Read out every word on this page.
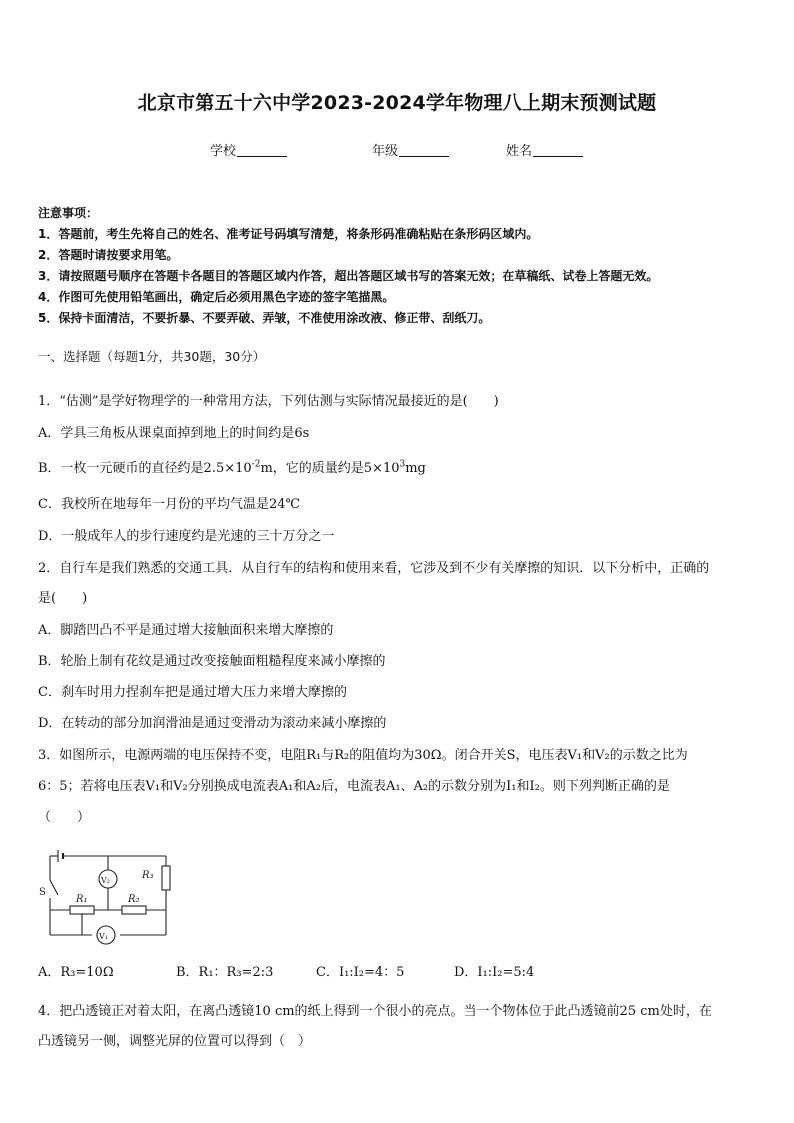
北京市第五十六中学2023-2024学年物理八上期末预测试题
学校	年级	姓名
注意事项：
1．答题前，考生先将自己的姓名、准考证号码填写清楚，将条形码准确粘贴在条形码区域内。
2．答题时请按要求用笔。
3．请按照题号顺序在答题卡各题目的答题区域内作答，超出答题区域书写的答案无效；在草稿纸、试卷上答题无效。
4．作图可先使用铅笔画出，确定后必须用黑色字迹的签字笔描黑。
5．保持卡面清洁，不要折暴、不要弄破、弄皱，不准使用涂改液、修正带、刮纸刀。
一、选择题（每题1分，共30题，30分）
1．“估测”是学好物理学的一种常用方法，下列估测与实际情况最接近的是(　　)
A．学具三角板从课桌面掉到地上的时间约是6s
B．一枚一元硬币的直径约是$2.5\times 10^{-2}m$，它的质量约是$5\times 10^3mg$
C．我校所在地每年一月份的平均气温是24℃
D．一般成年人的步行速度约是光速的三十万分之一
2．自行车是我们熟悉的交通工具．从自行车的结构和使用来看，它涉及到不少有关摩擦的知识．以下分析中，正确的
是(　　)
A．脚踏凹凸不平是通过增大接触面积来增大摩擦的
B．轮胎上制有花纹是通过改变接触面粗糙程度来减小摩擦的
C．刹车时用力捏刹车把是通过增大压力来增大摩擦的
D．在转动的部分加润滑油是通过变滑动为滚动来减小摩擦的
3．如图所示，电源两端的电压保持不变，电阻R₁与R₂的阻值均为30Ω。闭合开关S，电压表V₁和V₂的示数之比为
6：5；若将电压表V₁和V₂分别换成电流表A₁和A₂后，电流表A₁、A₂的示数分别为I₁和I₂。则下列判断正确的是
（　　）
S
R₁	R₂
R₃
V₂
V₁
A．R₃=10Ω	B．R₁：R₃=2:3	C．I₁:I₂=4：5	D．I₁:I₂=5:4
4．把凸透镜正对着太阳，在离凸透镜10 cm的纸上得到一个很小的亮点。当一个物体位于此凸透镜前25 cm处时，在
凸透镜另一侧，调整光屏的位置可以得到（　）
